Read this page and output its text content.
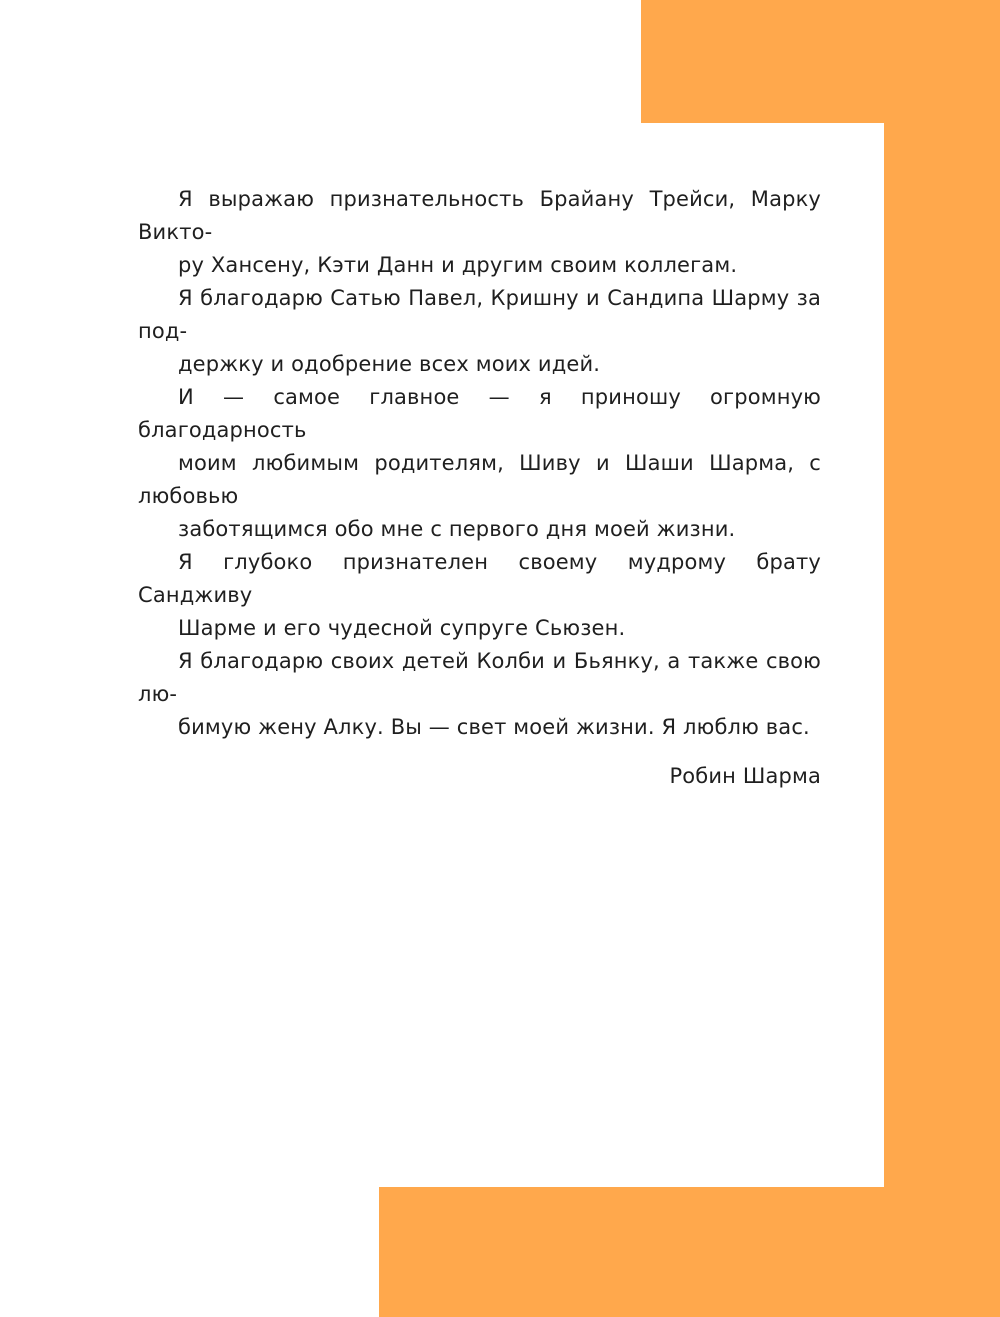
Я выражаю признательность Брайану Трейси, Марку Викто-
ру Хансену, Кэти Данн и другим своим коллегам.

Я благодарю Сатью Павел, Кришну и Сандипа Шарму за под-
держку и одобрение всех моих идей.

И — самое главное — я приношу огромную благодарность
моим любимым родителям, Шиву и Шаши Шарма, с любовью
заботящимся обо мне с первого дня моей жизни.

Я глубоко признателен своему мудрому брату Сандживу
Шарме и его чудесной супруге Сьюзен.

Я благодарю своих детей Колби и Бьянку, а также свою лю-
бимую жену Алку. Вы — свет моей жизни. Я люблю вас.

Робин Шарма
